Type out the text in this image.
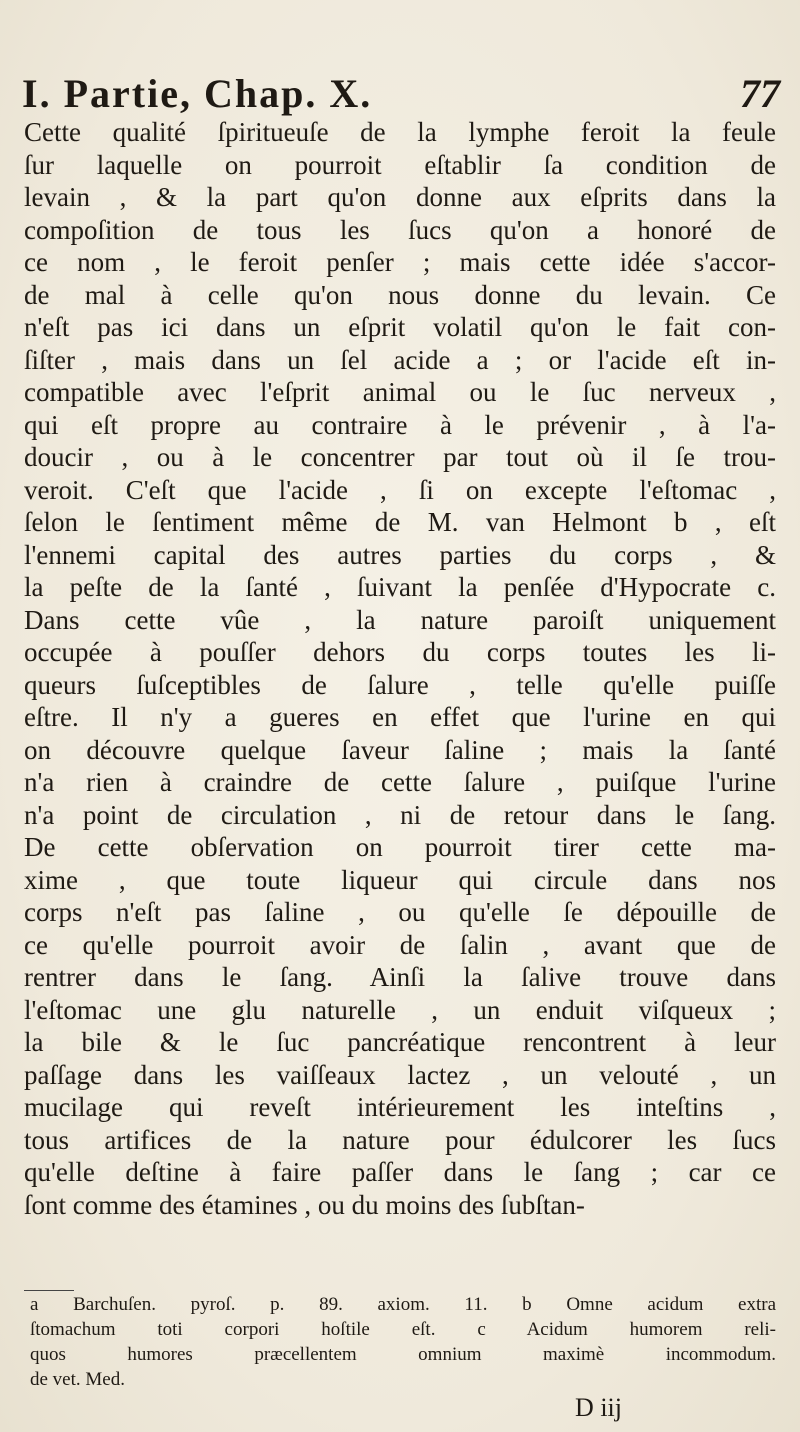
I. Partie, Chap. X.	77
Cette qualité ſpiritueuſe de la lymphe feroit la feule
ſur laquelle on pourroit eſtablir ſa condition de
levain , & la part qu'on donne aux eſprits dans la
compoſition de tous les ſucs qu'on a honoré de
ce nom , le feroit penſer ; mais cette idée s'accor-
de mal à celle qu'on nous donne du levain. Ce
n'eſt pas ici dans un eſprit volatil qu'on le fait con-
ſiſter , mais dans un ſel acide a ; or l'acide eſt in-
compatible avec l'eſprit animal ou le ſuc nerveux ,
qui eſt propre au contraire à le prévenir , à l'a-
doucir , ou à le concentrer par tout où il ſe trou-
veroit. C'eſt que l'acide , ſi on excepte l'eſtomac ,
ſelon le ſentiment même de M. van Helmont b , eſt
l'ennemi capital des autres parties du corps , &
la peſte de la ſanté , ſuivant la penſée d'Hypocrate c.
Dans cette vûe , la nature paroiſt uniquement
occupée à pouſſer dehors du corps toutes les li-
queurs ſuſceptibles de ſalure , telle qu'elle puiſſe
eſtre. Il n'y a gueres en effet que l'urine en qui
on découvre quelque ſaveur ſaline ; mais la ſanté
n'a rien à craindre de cette ſalure , puiſque l'urine
n'a point de circulation , ni de retour dans le ſang.
De cette obſervation on pourroit tirer cette ma-
xime , que toute liqueur qui circule dans nos
corps n'eſt pas ſaline , ou qu'elle ſe dépouille de
ce qu'elle pourroit avoir de ſalin , avant que de
rentrer dans le ſang. Ainſi la ſalive trouve dans
l'eſtomac une glu naturelle , un enduit viſqueux ;
la bile & le ſuc pancréatique rencontrent à leur
paſſage dans les vaiſſeaux lactez , un velouté , un
mucilage qui reveſt intérieurement les inteſtins ,
tous artifices de la nature pour édulcorer les ſucs
qu'elle deſtine à faire paſſer dans le ſang ; car ce
ſont comme des étamines , ou du moins des ſubſtan-
a Barchuſen. pyroſ. p. 89. axiom. 11. b Omne acidum extra
ſtomachum toti corpori hoſtile eſt. c Acidum humorem reli-
quos humores præcellentem omnium maximè incommodum.
de vet. Med.
D iij
